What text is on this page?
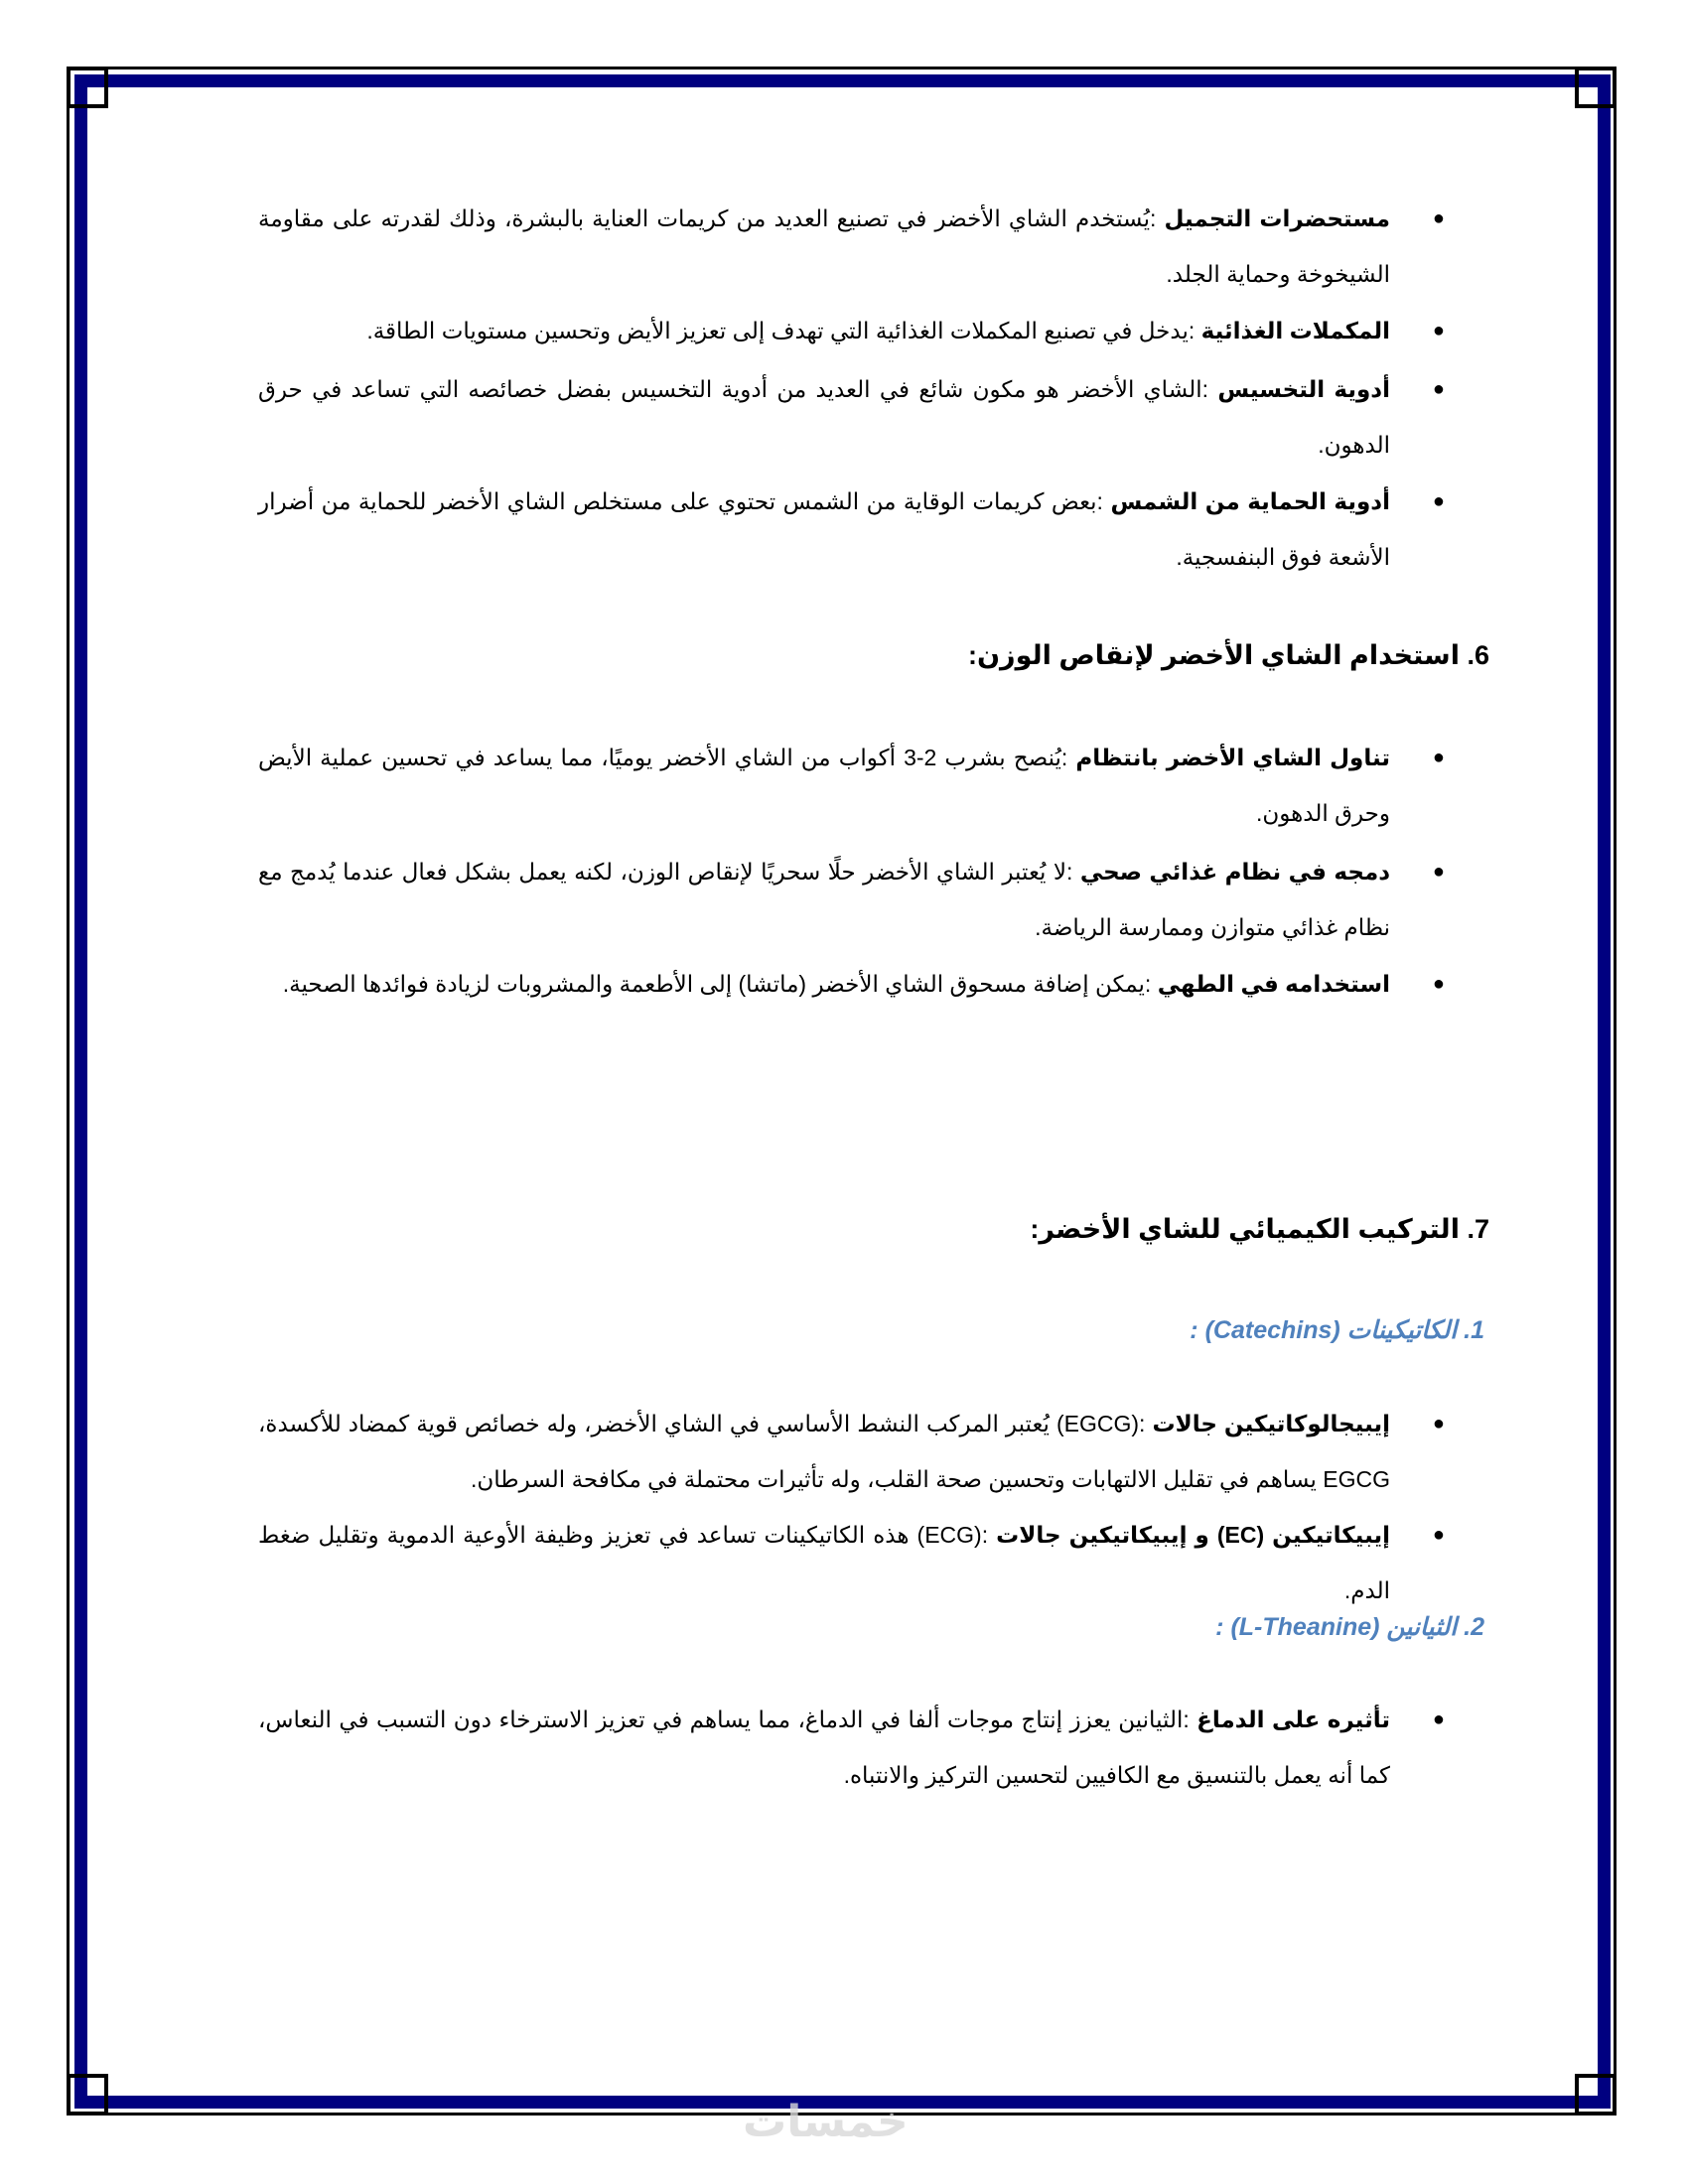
●
مستحضرات التجميل :يُستخدم الشاي الأخضر في تصنيع العديد من كريمات العناية بالبشرة، وذلك لقدرته على مقاومة الشيخوخة وحماية الجلد.
●
المكملات الغذائية :يدخل في تصنيع المكملات الغذائية التي تهدف إلى تعزيز الأيض وتحسين مستويات الطاقة.
●
أدوية التخسيس :الشاي الأخضر هو مكون شائع في العديد من أدوية التخسيس بفضل خصائصه التي تساعد في حرق الدهون.
●
أدوية الحماية من الشمس :بعض كريمات الوقاية من الشمس تحتوي على مستخلص الشاي الأخضر للحماية من أضرار الأشعة فوق البنفسجية.
6. استخدام الشاي الأخضر لإنقاص الوزن:
●
تناول الشاي الأخضر بانتظام :يُنصح بشرب 2-3 أكواب من الشاي الأخضر يوميًا، مما يساعد في تحسين عملية الأيض وحرق الدهون.
●
دمجه في نظام غذائي صحي :لا يُعتبر الشاي الأخضر حلًا سحريًا لإنقاص الوزن، لكنه يعمل بشكل فعال عندما يُدمج مع نظام غذائي متوازن وممارسة الرياضة.
●
استخدامه في الطهي :يمكن إضافة مسحوق الشاي الأخضر (ماتشا) إلى الأطعمة والمشروبات لزيادة فوائدها الصحية.
7. التركيب الكيميائي للشاي الأخضر:
1. الكاتيكينات (Catechins) :
●
إيبيجالوكاتيكين جالات :(EGCG) يُعتبر المركب النشط الأساسي في الشاي الأخضر، وله خصائص قوية كمضاد للأكسدة، EGCG يساهم في تقليل الالتهابات وتحسين صحة القلب، وله تأثيرات محتملة في مكافحة السرطان.
●
إيبيكاتيكين (EC) و إيبيكاتيكين جالات :(ECG) هذه الكاتيكينات تساعد في تعزيز وظيفة الأوعية الدموية وتقليل ضغط الدم.
2. الثيانين (L-Theanine) :
●
تأثيره على الدماغ :الثيانين يعزز إنتاج موجات ألفا في الدماغ، مما يساهم في تعزيز الاسترخاء دون التسبب في النعاس، كما أنه يعمل بالتنسيق مع الكافيين لتحسين التركيز والانتباه.
خمسات
